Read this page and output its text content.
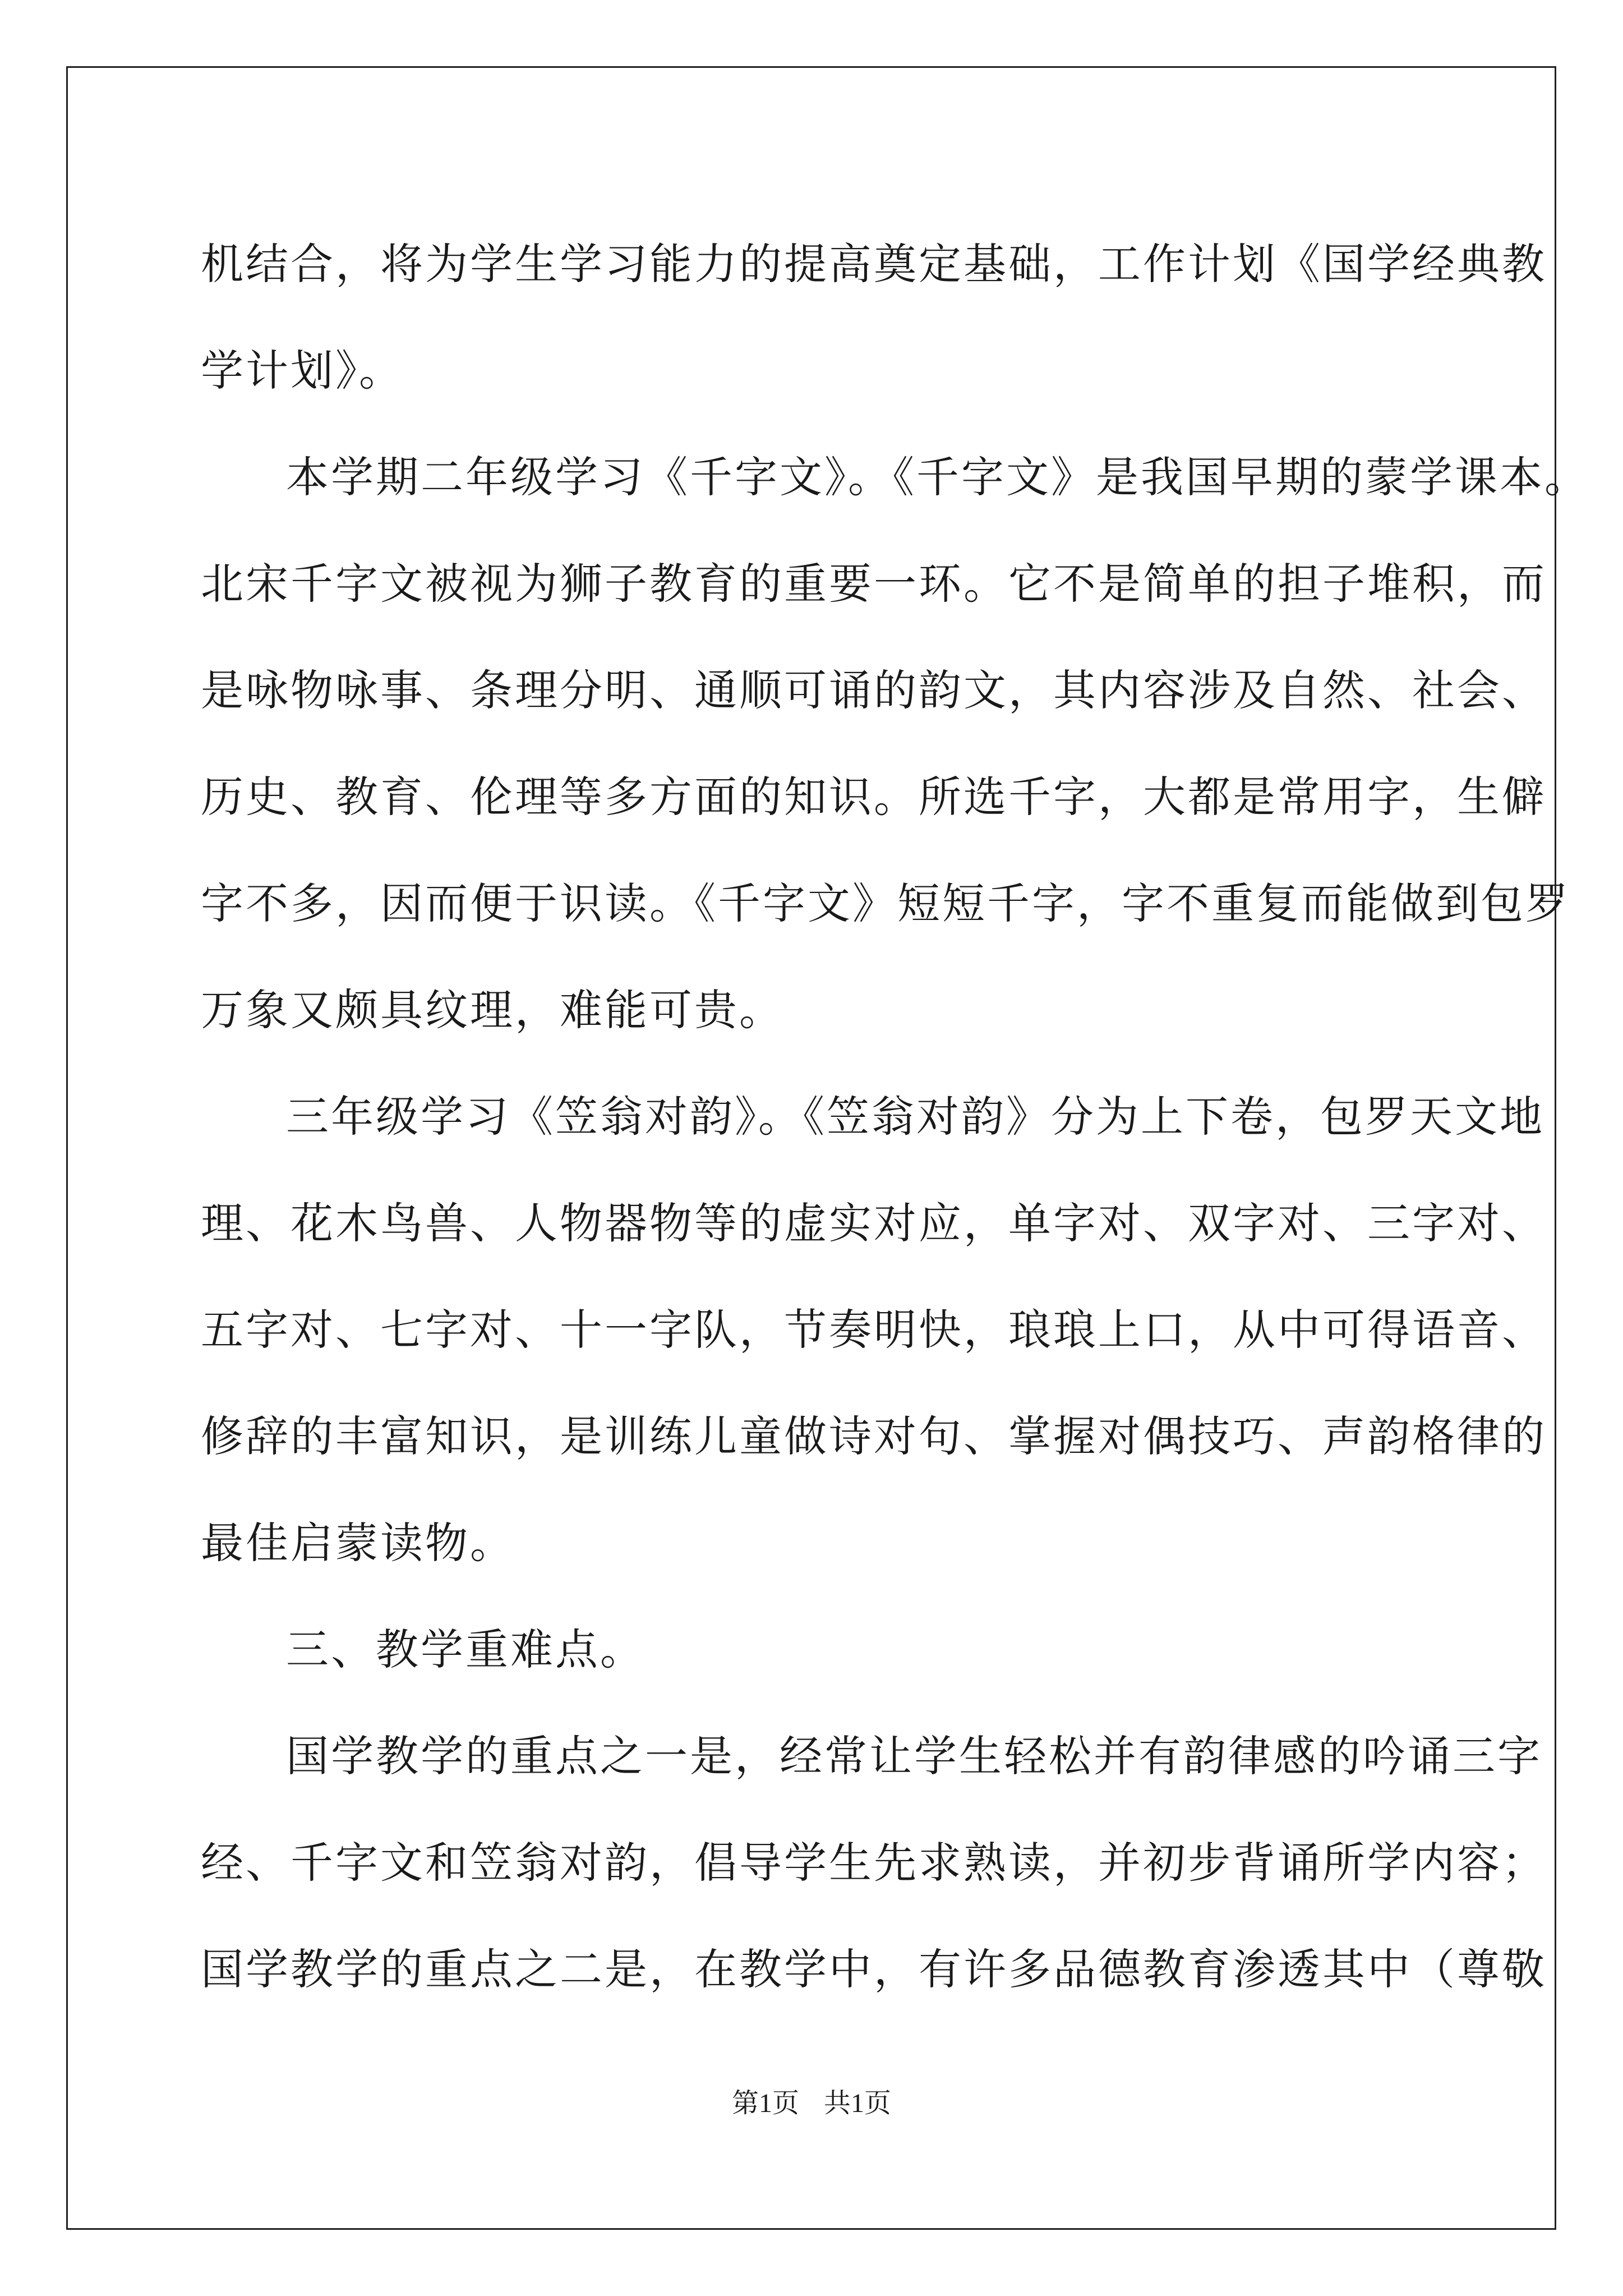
机结合，将为学生学习能力的提高奠定基础，工作计划《国学经典教
学计划》。
本学期二年级学习《千字文》。《千字文》是我国早期的蒙学课本。
北宋千字文被视为狮子教育的重要一环。它不是简单的担子堆积，而
是咏物咏事、条理分明、通顺可诵的韵文，其内容涉及自然、社会、
历史、教育、伦理等多方面的知识。所选千字，大都是常用字，生僻
字不多，因而便于识读。《千字文》短短千字，字不重复而能做到包罗
万象又颇具纹理，难能可贵。
三年级学习《笠翁对韵》。《笠翁对韵》分为上下卷，包罗天文地
理、花木鸟兽、人物器物等的虚实对应，单字对、双字对、三字对、
五字对、七字对、十一字队，节奏明快，琅琅上口，从中可得语音、
修辞的丰富知识，是训练儿童做诗对句、掌握对偶技巧、声韵格律的
最佳启蒙读物。
三、教学重难点。
国学教学的重点之一是，经常让学生轻松并有韵律感的吟诵三字
经、千字文和笠翁对韵，倡导学生先求熟读，并初步背诵所学内容；
国学教学的重点之二是，在教学中，有许多品德教育渗透其中（尊敬
第1页 共1页
